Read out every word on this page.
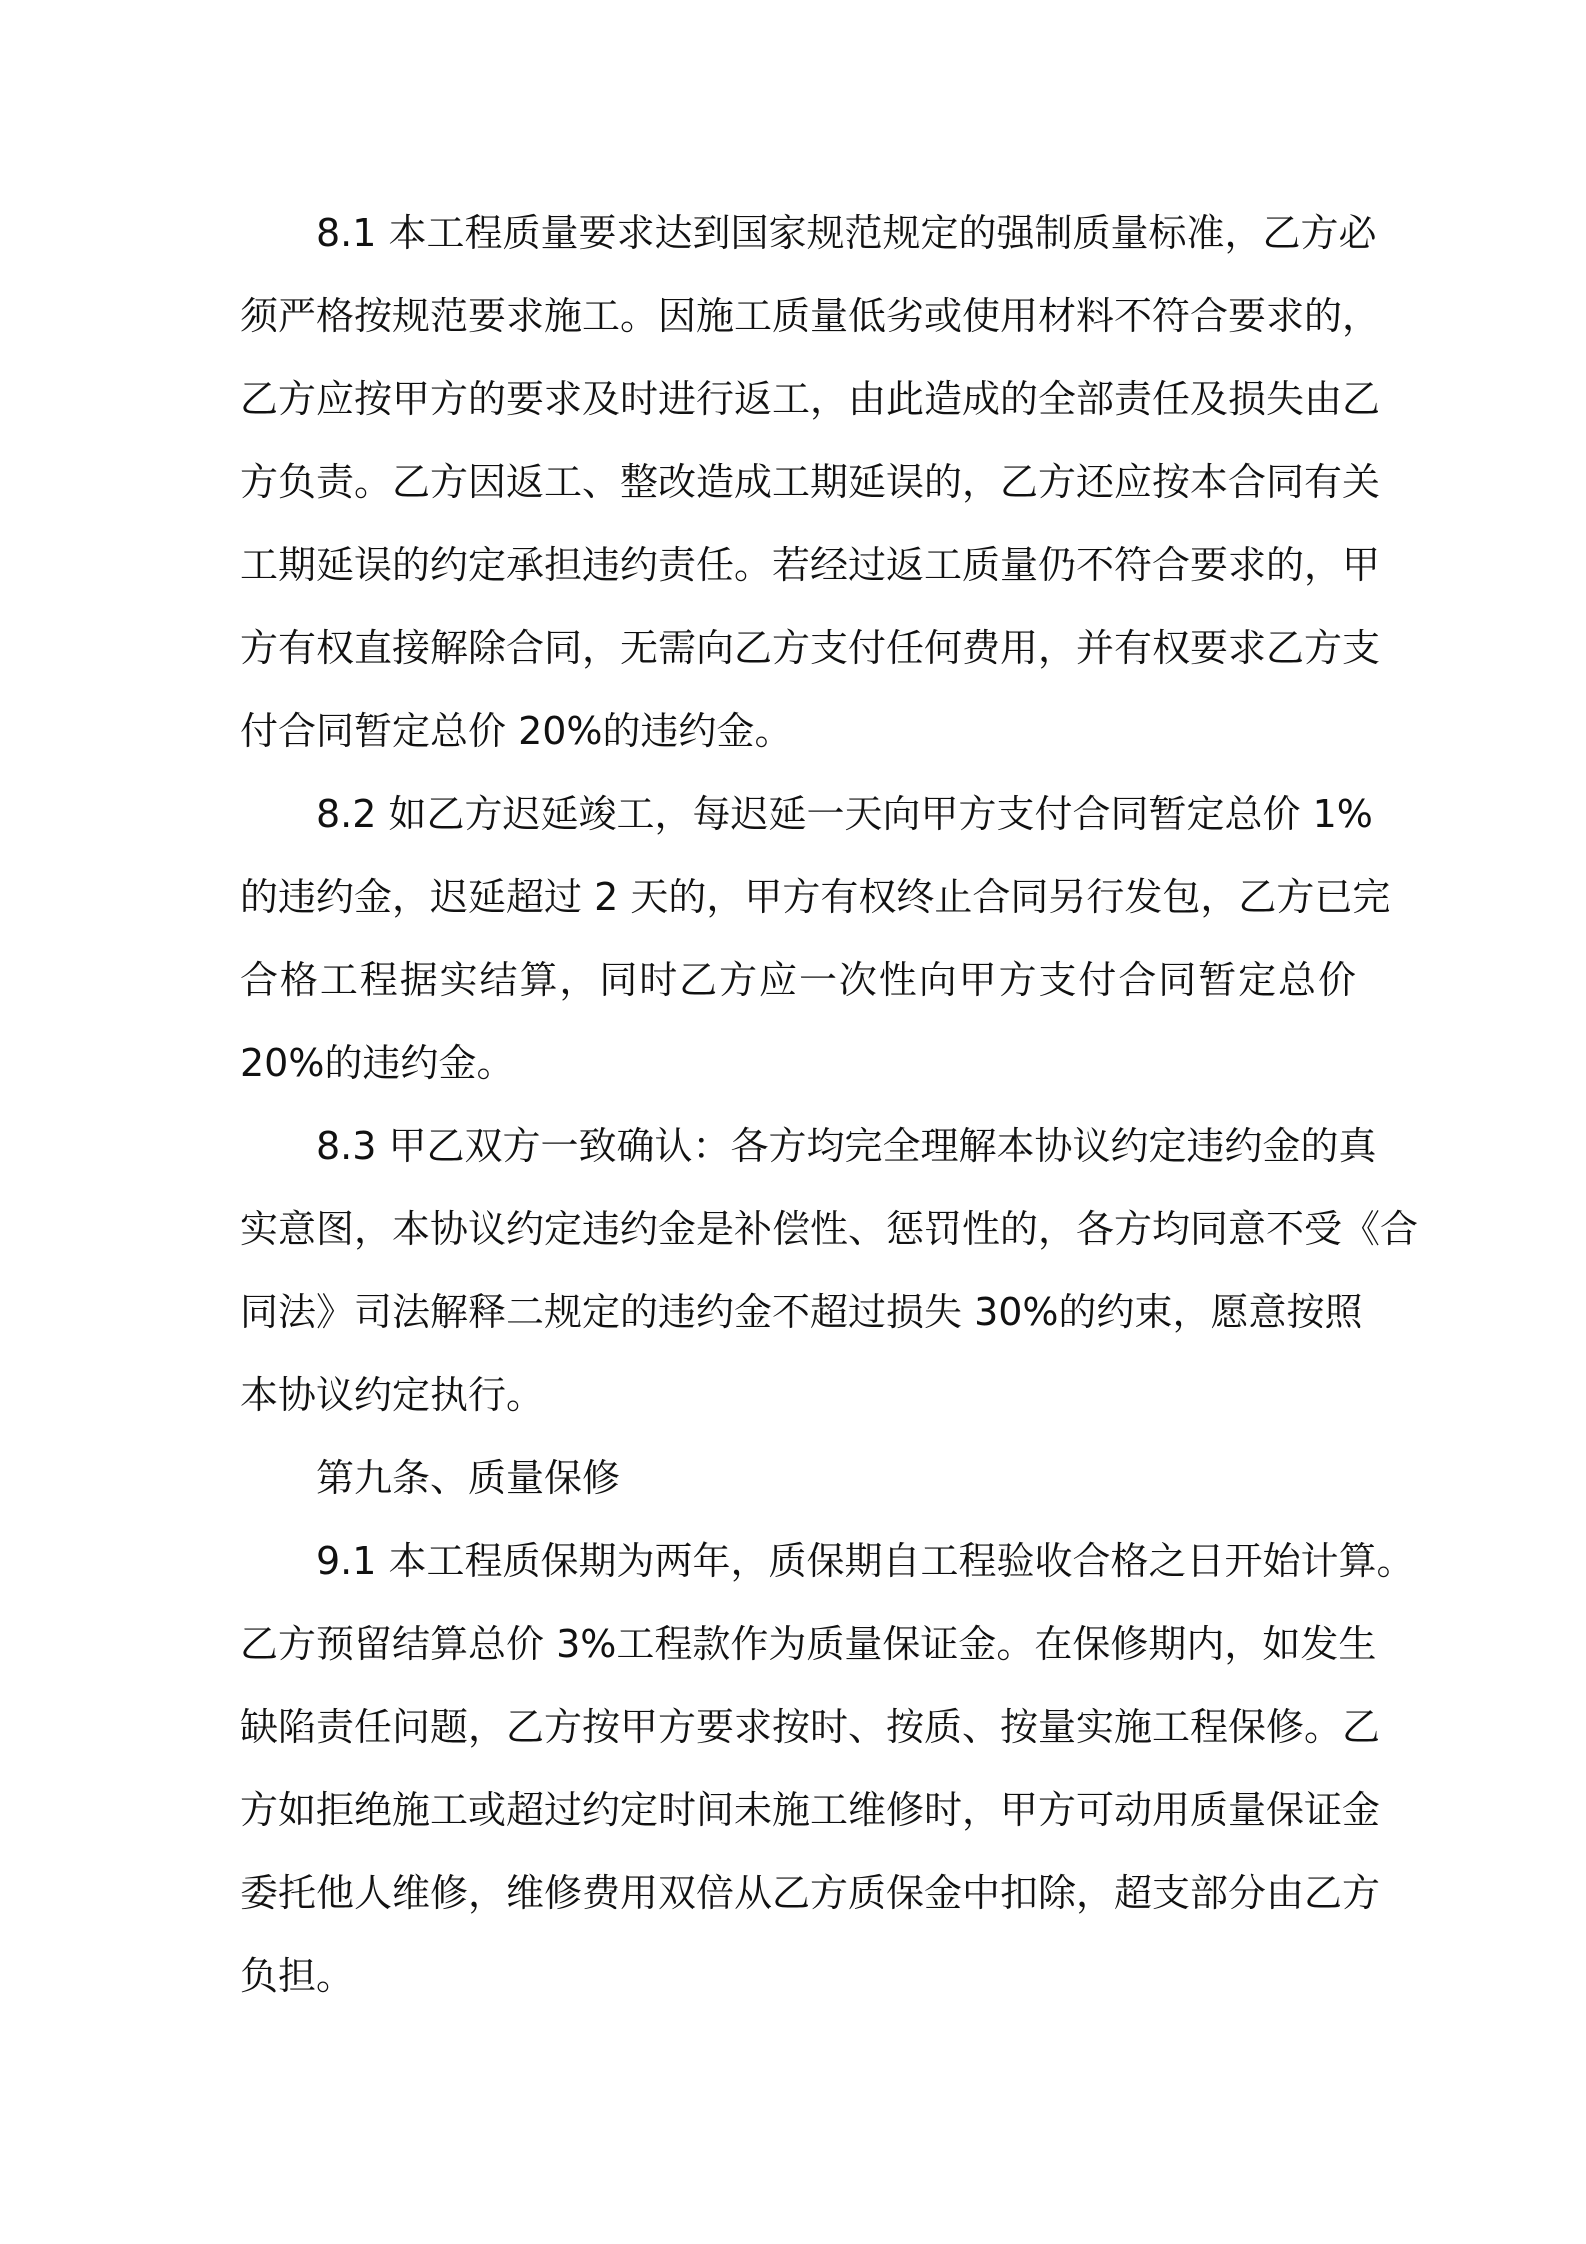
8.1 本工程质量要求达到国家规范规定的强制质量标准，乙方必
须严格按规范要求施工。因施工质量低劣或使用材料不符合要求的，
乙方应按甲方的要求及时进行返工，由此造成的全部责任及损失由乙
方负责。乙方因返工、整改造成工期延误的，乙方还应按本合同有关
工期延误的约定承担违约责任。若经过返工质量仍不符合要求的，甲
方有权直接解除合同，无需向乙方支付任何费用，并有权要求乙方支
付合同暂定总价 20%的违约金。
8.2 如乙方迟延竣工，每迟延一天向甲方支付合同暂定总价 1%
的违约金，迟延超过 2 天的，甲方有权终止合同另行发包，乙方已完
合格工程据实结算，同时乙方应一次性向甲方支付合同暂定总价
20%的违约金。
8.3 甲乙双方一致确认：各方均完全理解本协议约定违约金的真
实意图，本协议约定违约金是补偿性、惩罚性的，各方均同意不受《合
同法》司法解释二规定的违约金不超过损失 30%的约束，愿意按照
本协议约定执行。
第九条、质量保修
9.1 本工程质保期为两年，质保期自工程验收合格之日开始计算。
乙方预留结算总价 3%工程款作为质量保证金。在保修期内，如发生
缺陷责任问题，乙方按甲方要求按时、按质、按量实施工程保修。乙
方如拒绝施工或超过约定时间未施工维修时，甲方可动用质量保证金
委托他人维修，维修费用双倍从乙方质保金中扣除，超支部分由乙方
负担。
